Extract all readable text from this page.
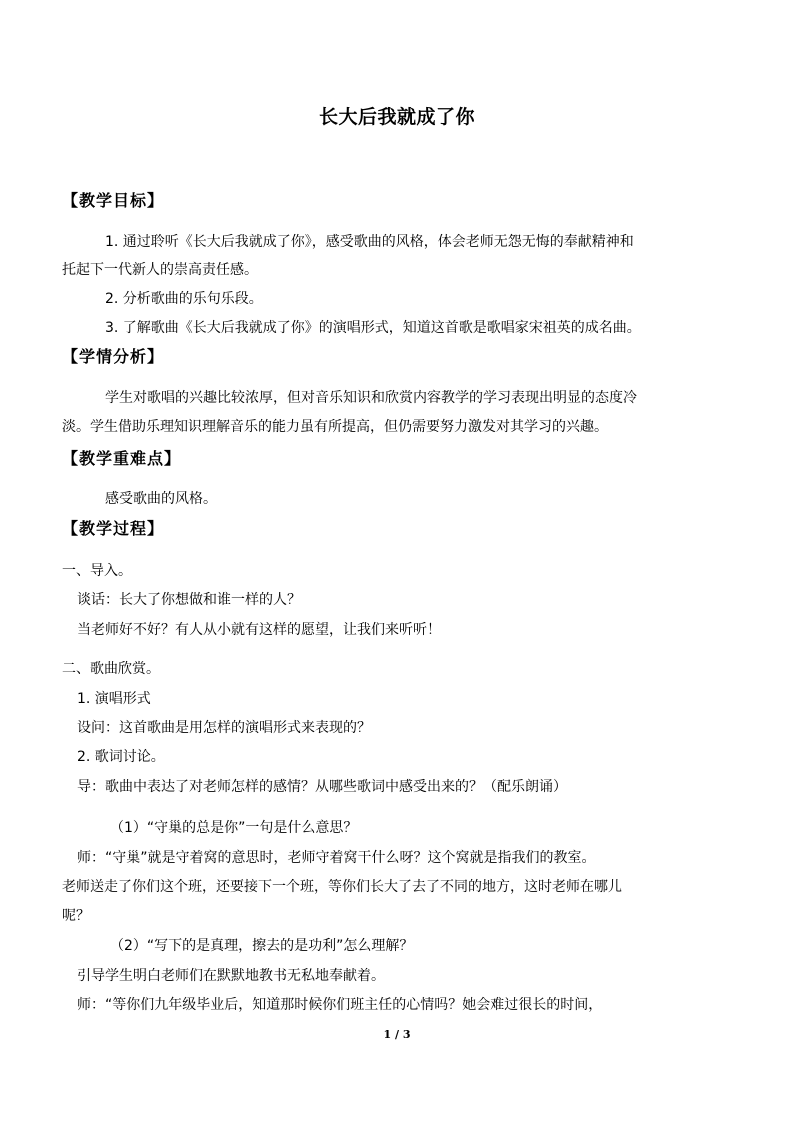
长大后我就成了你
【教学目标】
1. 通过聆听《长大后我就成了你》，感受歌曲的风格，体会老师无怨无悔的奉献精神和
托起下一代新人的崇高责任感。
2. 分析歌曲的乐句乐段。
3. 了解歌曲《长大后我就成了你》的演唱形式，知道这首歌是歌唱家宋祖英的成名曲。
【学情分析】
学生对歌唱的兴趣比较浓厚，但对音乐知识和欣赏内容教学的学习表现出明显的态度冷
淡。学生借助乐理知识理解音乐的能力虽有所提高，但仍需要努力激发对其学习的兴趣。
【教学重难点】
感受歌曲的风格。
【教学过程】
一、导入。
谈话：长大了你想做和谁一样的人？
当老师好不好？有人从小就有这样的愿望，让我们来听听！
二、歌曲欣赏。
1. 演唱形式
设问：这首歌曲是用怎样的演唱形式来表现的？
2. 歌词讨论。
导：歌曲中表达了对老师怎样的感情？从哪些歌词中感受出来的？（配乐朗诵）
（1）“守巢的总是你”一句是什么意思？
师：“守巢”就是守着窝的意思时，老师守着窝干什么呀？这个窝就是指我们的教室。
老师送走了你们这个班，还要接下一个班，等你们长大了去了不同的地方，这时老师在哪儿
呢？
（2）“写下的是真理，擦去的是功利”怎么理解？
引导学生明白老师们在默默地教书无私地奉献着。
师：“等你们九年级毕业后，知道那时候你们班主任的心情吗？她会难过很长的时间，
1 / 3
